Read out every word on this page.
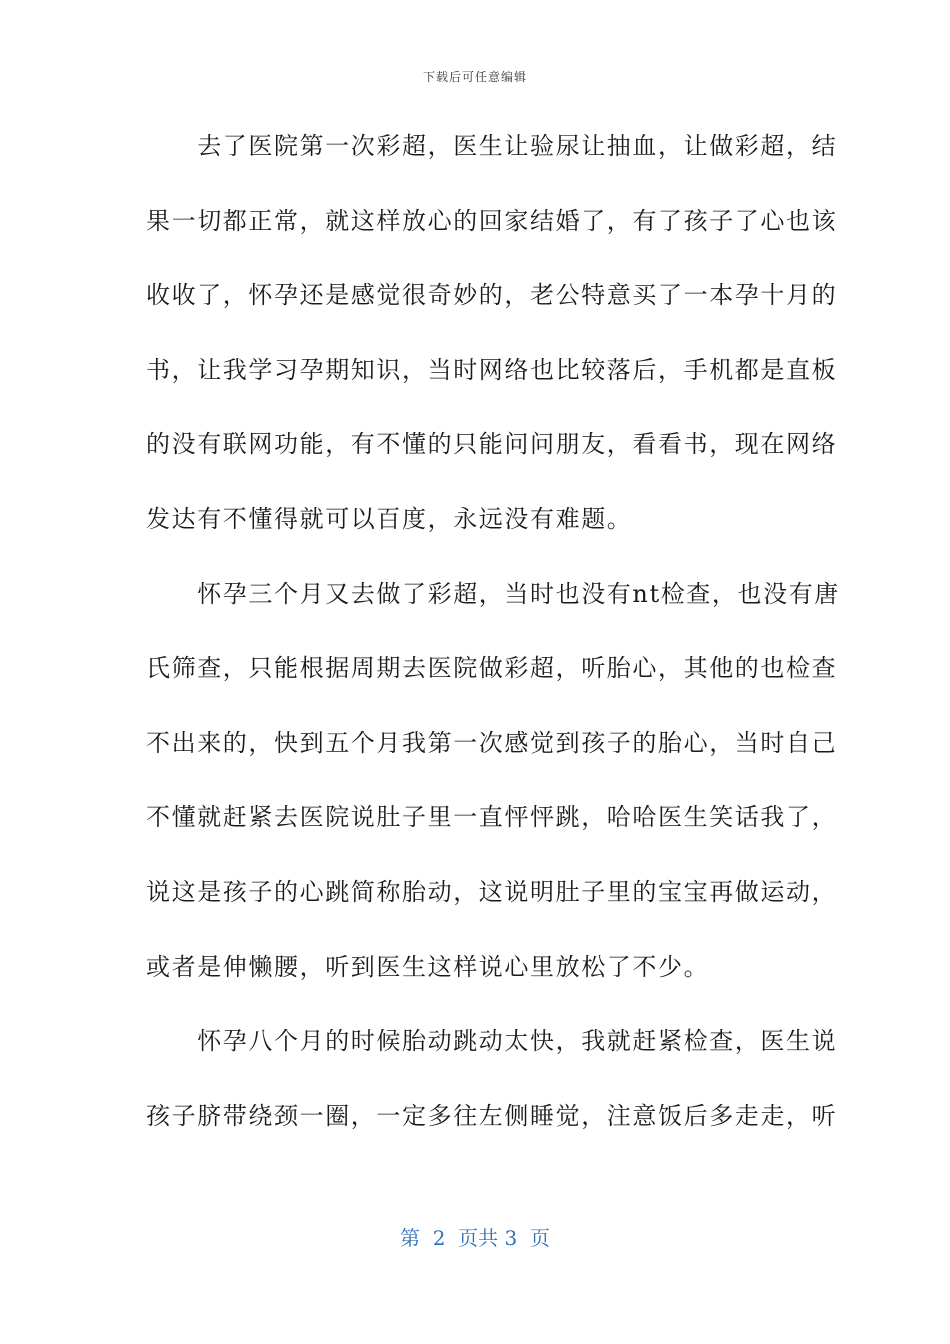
下载后可任意编辑
　　去了医院第一次彩超，医生让验尿让抽血，让做彩超，结
果一切都正常，就这样放心的回家结婚了，有了孩子了心也该
收收了，怀孕还是感觉很奇妙的，老公特意买了一本孕十月的
书，让我学习孕期知识，当时网络也比较落后，手机都是直板
的没有联网功能，有不懂的只能问问朋友，看看书，现在网络
发达有不懂得就可以百度，永远没有难题。
　　怀孕三个月又去做了彩超，当时也没有nt检查，也没有唐
氏筛查，只能根据周期去医院做彩超，听胎心，其他的也检查
不出来的，快到五个月我第一次感觉到孩子的胎心，当时自己
不懂就赶紧去医院说肚子里一直怦怦跳，哈哈医生笑话我了，
说这是孩子的心跳简称胎动，这说明肚子里的宝宝再做运动，
或者是伸懒腰，听到医生这样说心里放松了不少。
　　怀孕八个月的时候胎动跳动太快，我就赶紧检查，医生说
孩子脐带绕颈一圈，一定多往左侧睡觉，注意饭后多走走，听
第  2  页共 3  页
